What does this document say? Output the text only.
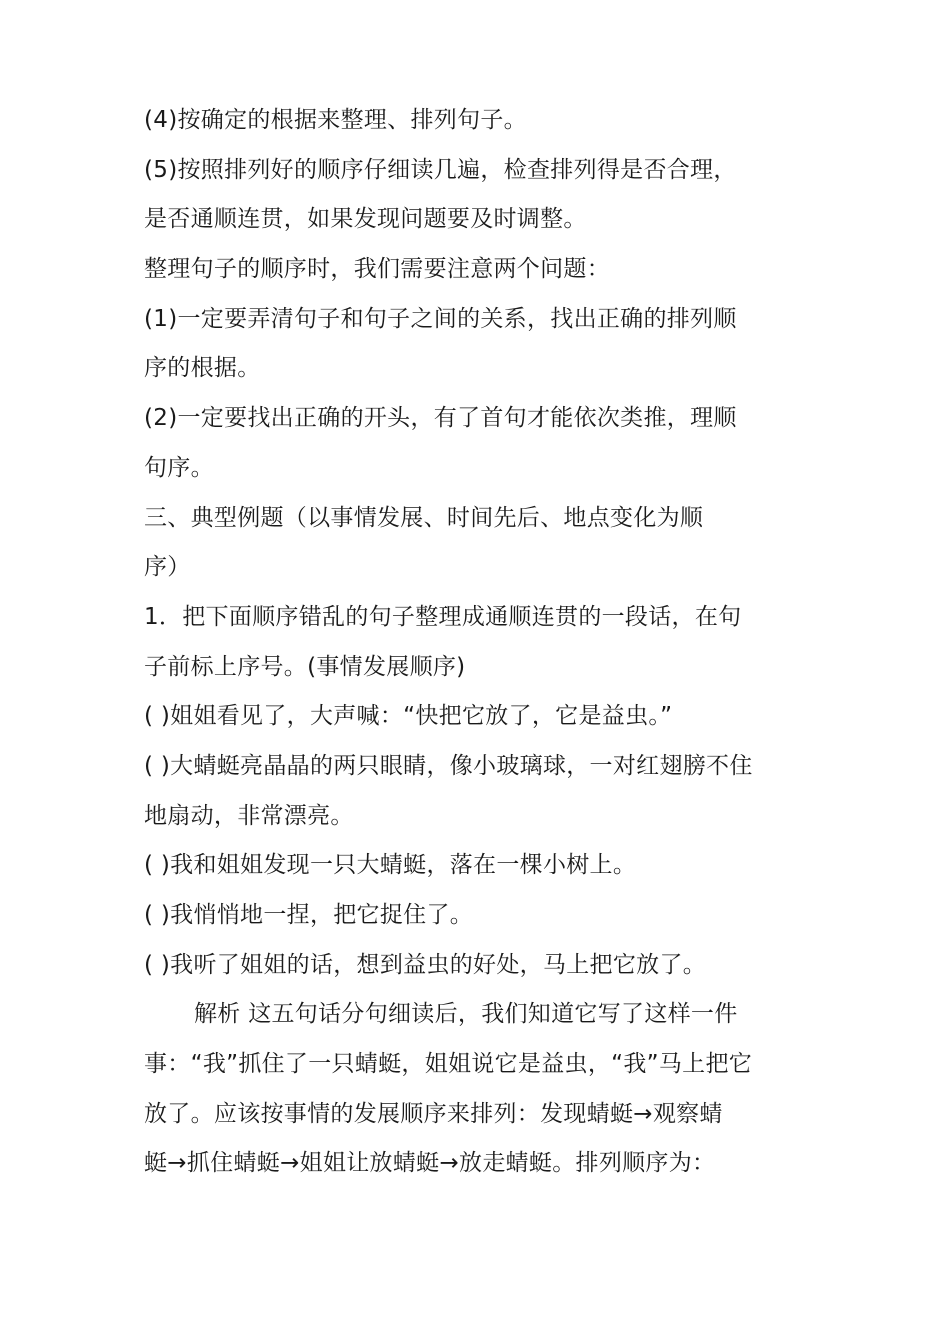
(4)按确定的根据来整理、排列句子。
(5)按照排列好的顺序仔细读几遍，检查排列得是否合理，
是否通顺连贯，如果发现问题要及时调整。
整理句子的顺序时，我们需要注意两个问题：
(1)一定要弄清句子和句子之间的关系，找出正确的排列顺
序的根据。
(2)一定要找出正确的开头，有了首句才能依次类推，理顺
句序。
三、典型例题（以事情发展、时间先后、地点变化为顺
序）
1．把下面顺序错乱的句子整理成通顺连贯的一段话，在句
子前标上序号。(事情发展顺序)
( )姐姐看见了，大声喊：“快把它放了，它是益虫。”
( )大蜻蜓亮晶晶的两只眼睛，像小玻璃球，一对红翅膀不住
地扇动，非常漂亮。
( )我和姐姐发现一只大蜻蜓，落在一棵小树上。
( )我悄悄地一捏，把它捉住了。
( )我听了姐姐的话，想到益虫的好处，马上把它放了。
解析 这五句话分句细读后，我们知道它写了这样一件
事：“我”抓住了一只蜻蜓，姐姐说它是益虫，“我”马上把它
放了。应该按事情的发展顺序来排列：发现蜻蜓→观察蜻
蜓→抓住蜻蜓→姐姐让放蜻蜓→放走蜻蜓。排列顺序为：
